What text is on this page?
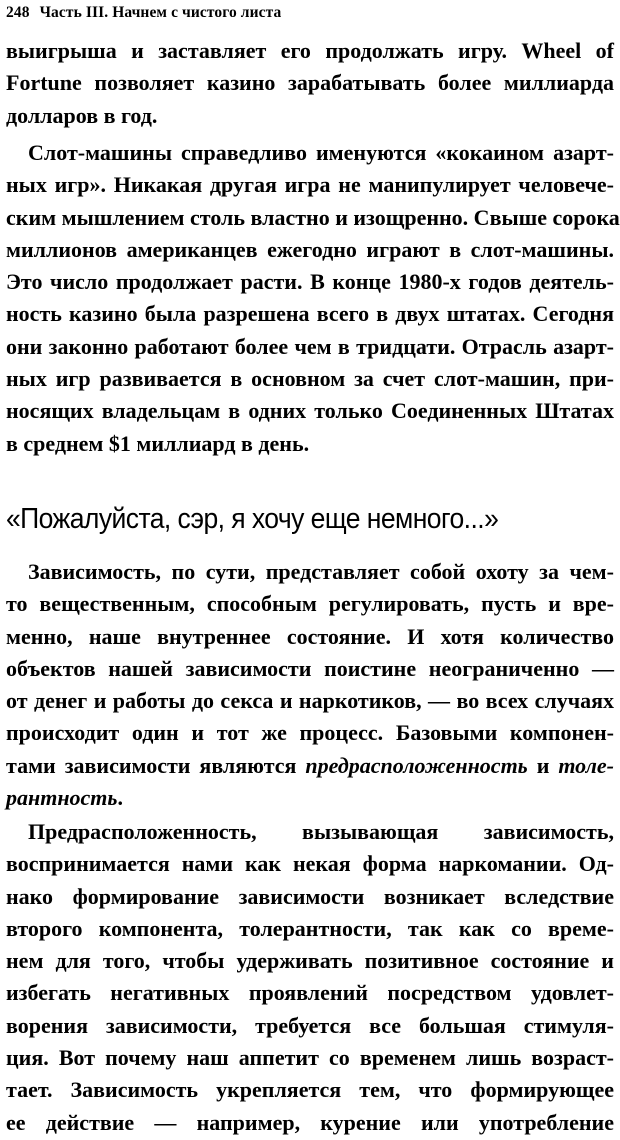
248 Часть III. Начнем с чистого листа
выигрыша и заставляет его продолжать игру. Wheel of
Fortune позволяет казино зарабатывать более миллиарда
долларов в год.
Слот-машины справедливо именуются «кокаином азарт-
ных игр». Никакая другая игра не манипулирует человече-
ским мышлением столь властно и изощренно. Свыше сорока
миллионов американцев ежегодно играют в слот-машины.
Это число продолжает расти. В конце 1980-х годов деятель-
ность казино была разрешена всего в двух штатах. Сегодня
они законно работают более чем в тридцати. Отрасль азарт-
ных игр развивается в основном за счет слот-машин, при-
носящих владельцам в одних только Соединенных Штатах
в среднем $1 миллиард в день.
«Пожалуйста, сэр, я хочу еще немного...»
Зависимость, по сути, представляет собой охоту за чем-
то вещественным, способным регулировать, пусть и вре-
менно, наше внутреннее состояние. И хотя количество
объектов нашей зависимости поистине неограниченно —
от денег и работы до секса и наркотиков, — во всех случаях
происходит один и тот же процесс. Базовыми компонен-
тами зависимости являются предрасположенность и толе-
рантность.
Предрасположенность, вызывающая зависимость,
воспринимается нами как некая форма наркомании. Од-
нако формирование зависимости возникает вследствие
второго компонента, толерантности, так как со време-
нем для того, чтобы удерживать позитивное состояние и
избегать негативных проявлений посредством удовлет-
ворения зависимости, требуется все большая стимуля-
ция. Вот почему наш аппетит со временем лишь возраст-
тает. Зависимость укрепляется тем, что формирующее
ее действие — например, курение или употребление
